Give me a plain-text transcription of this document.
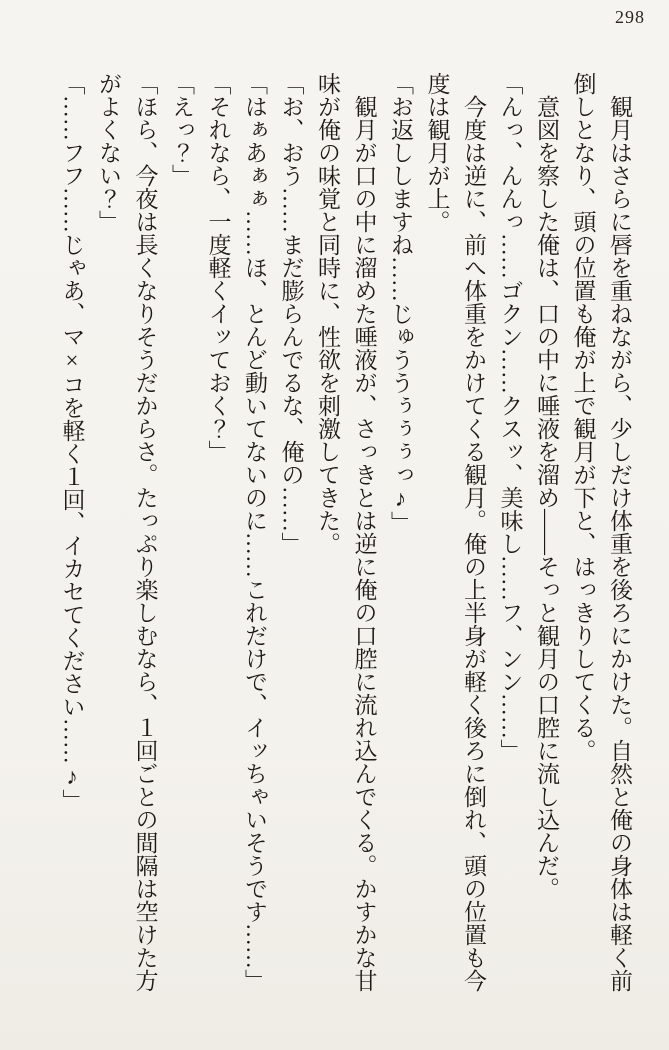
298

　観月はさらに唇を重ねながら、少しだけ体重を後ろにかけた。自然と俺の身体は軽く前

倒しとなり、頭の位置も俺が上で観月が下と、はっきりしてくる。

　意図を察した俺は、口の中に唾液を溜め——そっと観月の口腔に流し込んだ。

「んっ、んんっ……ゴクン……クスッ、美味し……フ、ンン……」

　今度は逆に、前へ体重をかけてくる観月。俺の上半身が軽く後ろに倒れ、頭の位置も今

度は観月が上。

「お返ししますね……じゅううぅぅぅっ♪」

　観月が口の中に溜めた唾液が、さっきとは逆に俺の口腔に流れ込んでくる。かすかな甘

味が俺の味覚と同時に、性欲を刺激してきた。

「お、おう……まだ膨らんでるな、俺の……」

「はぁあぁぁ……ほ、とんど動いてないのに……これだけで、イッちゃいそうです……」

「それなら、一度軽くイッておく？」

「えっ？」

「ほら、今夜は長くなりそうだからさ。たっぷり楽しむなら、１回ごとの間隔は空けた方

がよくない？」

「……フフ……じゃあ、マ×コを軽く１回、イカセてください……♪」
